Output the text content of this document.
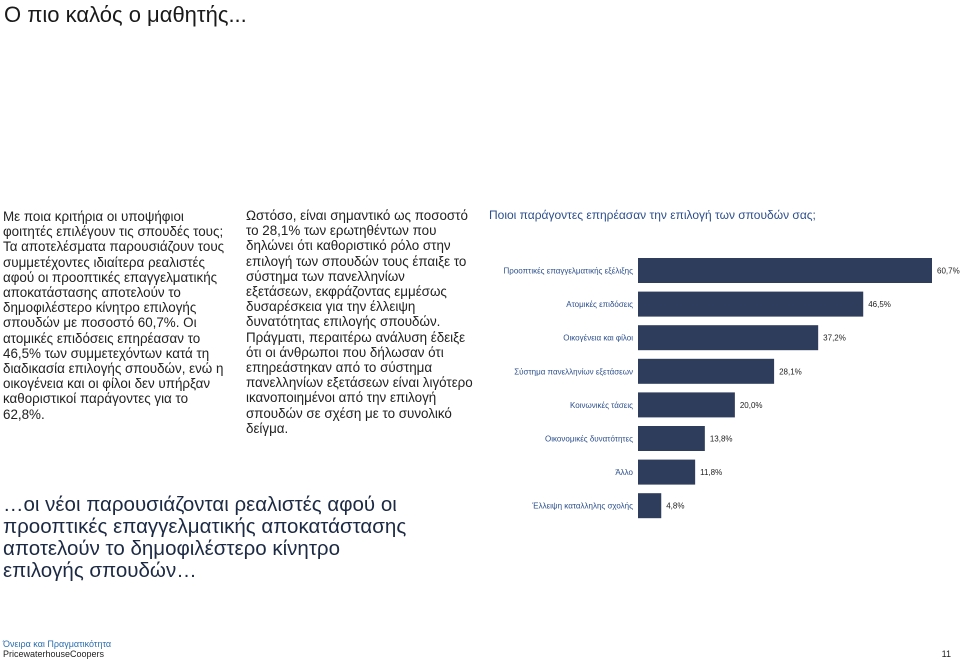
Ο πιο καλός ο μαθητής...
Με ποια κριτήρια οι υποψήφιοι φοιτητές επιλέγουν τις σπουδές τους; Τα αποτελέσματα παρουσιάζουν τους συμμετέχοντες ιδιαίτερα ρεαλιστές αφού οι προοπτικές επαγγελματικής αποκατάστασης αποτελούν το δημοφιλέστερο κίνητρο επιλογής σπουδών με ποσοστό 60,7%. Οι ατομικές επιδόσεις επηρέασαν το 46,5% των συμμετεχόντων κατά τη διαδικασία επιλογής σπουδών, ενώ η οικογένεια και οι φίλοι δεν υπήρξαν καθοριστικοί παράγοντες για το 62,8%.
Ωστόσο, είναι σημαντικό ως ποσοστό το 28,1% των ερωτηθέντων που δηλώνει ότι καθοριστικό ρόλο στην επιλογή των σπουδών τους έπαιξε το σύστημα των πανελληνίων εξετάσεων, εκφράζοντας εμμέσως δυσαρέσκεια για την έλλειψη δυνατότητας επιλογής σπουδών. Πράγματι, περαιτέρω ανάλυση έδειξε ότι οι άνθρωποι που δήλωσαν ότι επηρεάστηκαν από το σύστημα πανελληνίων εξετάσεων είναι λιγότερο ικανοποιημένοι από την επιλογή σπουδών σε σχέση με το συνολικό δείγμα.
Ποιοι παράγοντες επηρέασαν την επιλογή των σπουδών σας;
Προοπτικές επαγγελματικής εξέλιξης	60,7%
Ατομικές επιδόσεις	46,5%
Οικογένεια και φίλοι	37,2%
Σύστημα πανελληνίων εξετάσεων	28,1%
Κοινωνικές τάσεις	20,0%
Οικονομικές δυνατότητες	13,8%
Άλλο	11,8%
Έλλειψη καταλληλης σχολής	4,8%
…οι νέοι παρουσιάζονται ρεαλιστές αφού οι προοπτικές επαγγελματικής αποκατάστασης αποτελούν το δημοφιλέστερο κίνητρο επιλογής σπουδών…
Όνειρα και Πραγματικότητα
PricewaterhouseCoopers	11
